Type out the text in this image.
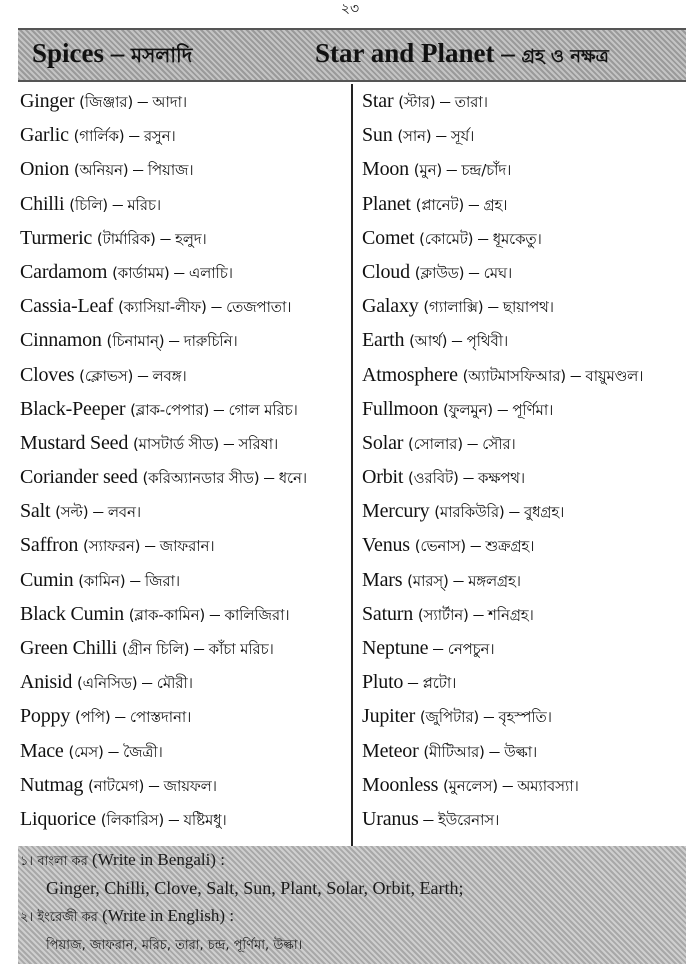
২৩
Spices – মসলাদি	Star and Planet – গ্রহ ও নক্ষত্র
Ginger (জিঞ্জার) – আদা।
Garlic (গার্লিক) – রসুন।
Onion (অনিয়ন) – পিয়াজ।
Chilli (চিলি) – মরিচ।
Turmeric (টার্মারিক) – হলুদ।
Cardamom (কার্ডামম) – এলাচি।
Cassia-Leaf (ক্যাসিয়া-লীফ) – তেজপাতা।
Cinnamon (চিনামান্) – দারুচিনি।
Cloves (ক্লোভস) – লবঙ্গ।
Black-Peeper (ব্লাক-পেপার) – গোল মরিচ।
Mustard Seed (মাসটার্ড সীড) – সরিষা।
Coriander seed (করিঅ্যানডার সীড) – ধনে।
Salt (সল্ট) – লবন।
Saffron (স্যাফরন) – জাফরান।
Cumin (কামিন) – জিরা।
Black Cumin (ব্লাক-কামিন) – কালিজিরা।
Green Chilli (গ্রীন চিলি) – কাঁচা মরিচ।
Anisid (এনিসিড) – মৌরী।
Poppy (পপি) – পোস্তদানা।
Mace (মেস) – জৈত্রী।
Nutmag (নাটমেগ) – জায়ফল।
Liquorice (লিকারিস) – যষ্টিমধু।
Star (স্টার) – তারা।
Sun (সান) – সূর্য।
Moon (মুন) – চন্দ্র/চাঁদ।
Planet (প্লানেট) – গ্রহ।
Comet (কোমেট) – ধূমকেতু।
Cloud (ক্লাউড) – মেঘ।
Galaxy (গ্যালাক্সি) – ছায়াপথ।
Earth (আর্থ) – পৃথিবী।
Atmosphere (অ্যাটমাসফিআর) – বায়ুমণ্ডল।
Fullmoon (ফুলমুন) – পূর্ণিমা।
Solar (সোলার) – সৌর।
Orbit (ওরবিট) – কক্ষপথ।
Mercury (মারকিউরি) – বুধগ্রহ।
Venus (ভেনাস) – শুক্রগ্রহ।
Mars (মারস্) – মঙ্গলগ্রহ।
Saturn (স্যার্টান) – শনিগ্রহ।
Neptune – নেপচুন।
Pluto – প্লটো।
Jupiter (জুপিটার) – বৃহস্পতি।
Meteor (মীটিআর) – উল্কা।
Moonless (মুনলেস) – অম্যাবস্যা।
Uranus – ইউরেনাস।
১। বাংলা কর (Write in Bengali) :
Ginger, Chilli, Clove, Salt, Sun, Plant, Solar, Orbit, Earth;
২। ইংরেজী কর (Write in English) :
পিয়াজ, জাফরান, মরিচ, তারা, চন্দ্র, পূর্ণিমা, উল্কা।
